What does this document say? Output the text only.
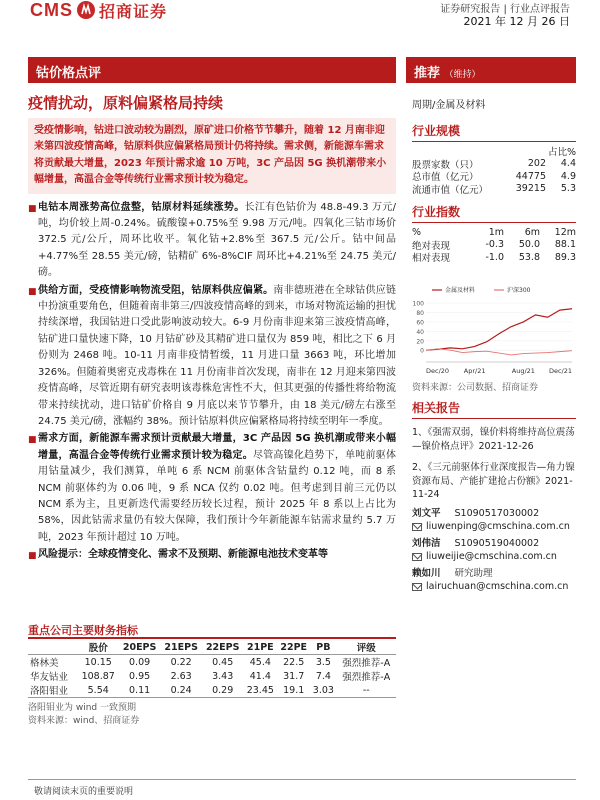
CMS 招商证券	证券研究报告 | 行业点评报告
2021 年 12 月 26 日
钴价格点评	推荐 （维持）
疫情扰动，原料偏紧格局持续	周期/金属及材料
受疫情影响，钴进口波动较为剧烈，原矿进口价格节节攀升，随着 12 月南非迎来第四波疫情高峰，钴原料供应偏紧格局预计仍将持续。需求侧，新能源车需求将贡献最大增量，2023 年预计需求逾 10 万吨，3C 产品因 5G 换机潮带来小幅增量，高温合金等传统行业需求预计较为稳定。
■ 电钴本周涨势高位盘整，钴原材料延续涨势。长江有色钴价为 48.8-49.3 万元/吨，均价较上周-0.24%。硫酸镍+0.75%至 9.98 万元/吨。四氧化三钴市场价 372.5 元/公斤，周环比收平。氧化钴+2.8%至 367.5 元/公斤。钴中间品+4.77%至 28.55 美元/磅，钴精矿 6%-8%CIF 周环比+4.21%至 24.75 美元/磅。
■ 供给方面，受疫情影响物流受阻，钴原料供应偏紧。南非德班港在全球钴供应链中扮演重要角色，但随着南非第三/四波疫情高峰的到来，市场对物流运输的担忧持续深增，我国钴进口受此影响波动较大。6-9 月份南非迎来第三波疫情高峰，钴矿进口量快速下降，10 月钴矿砂及其精矿进口量仅为 859 吨，相比之下 6 月份则为 2468 吨。10-11 月南非疫情暂缓，11 月进口量 3663 吨，环比增加 326%。但随着奥密克戎毒株在 11 月份南非首次发现，南非在 12 月迎来第四波疫情高峰，尽管近期有研究表明该毒株危害性不大，但其更强的传播性将给物流带来持续扰动，进口钴矿价格自 9 月底以来节节攀升，由 18 美元/磅左右涨至 24.75 美元/磅，涨幅约 38%。预计钴原料供应偏紧格局将持续至明年一季度。
■ 需求方面，新能源车需求预计贡献最大增量，3C 产品因 5G 换机潮或带来小幅增量，高温合金等传统行业需求预计较为稳定。尽管高镍化趋势下，单吨前驱体用钴量减少，我们测算，单吨 6 系 NCM 前驱体含钴量约 0.12 吨，而 8 系 NCM 前驱体约为 0.06 吨，9 系 NCA 仅约 0.02 吨。但考虑到目前三元仍以 NCM 系为主，且更新迭代需要经历较长过程，预计 2025 年 8 系以上占比为 58%，因此钴需求量仍有较大保障，我们预计今年新能源车钴需求量约 5.7 万吨，2023 年预计超过 10 万吨。
■ 风险提示：全球疫情变化、需求不及预期、新能源电池技术变革等
重点公司主要财务指标
	股价	20EPS	21EPS	22EPS	21PE	22PE	PB	评级
格林美	10.15	0.09	0.22	0.45	45.4	22.5	3.5	强烈推荐-A
华友钴业	108.87	0.95	2.63	3.43	41.4	31.7	7.4	强烈推荐-A
洛阳钼业	5.54	0.11	0.24	0.29	23.45	19.1	3.03	--
洛阳钼业为 wind 一致预期
资料来源：wind、招商证券
行业规模
占比%
股票家数（只）	202	4.4
总市值（亿元）	44775	4.9
流通市值（亿元）	39215	5.3
行业指数
%	1m	6m	12m
绝对表现	-0.3	50.0	88.1
相对表现	-1.0	53.8	89.3
0
20
40
60
80
100
Dec/20 Apr/21	Aug/21 Dec/21
金属及材料	沪深300
资料来源：公司数据、招商证券
相关报告
1、《强需双弱，镍价料将维持高位震荡—镍价格点评》2021-12-26
2、《三元前驱体行业深度报告—角力镍资源布局、产能扩建抢占份额》2021-11-24
刘文平 S1090517030002
liuwenping@cmschina.com.cn
刘伟洁 S1090519040002
liuweijie@cmschina.com.cn
赖如川 研究助理
lairuchuan@cmschina.com.cn
敬请阅读末页的重要说明
